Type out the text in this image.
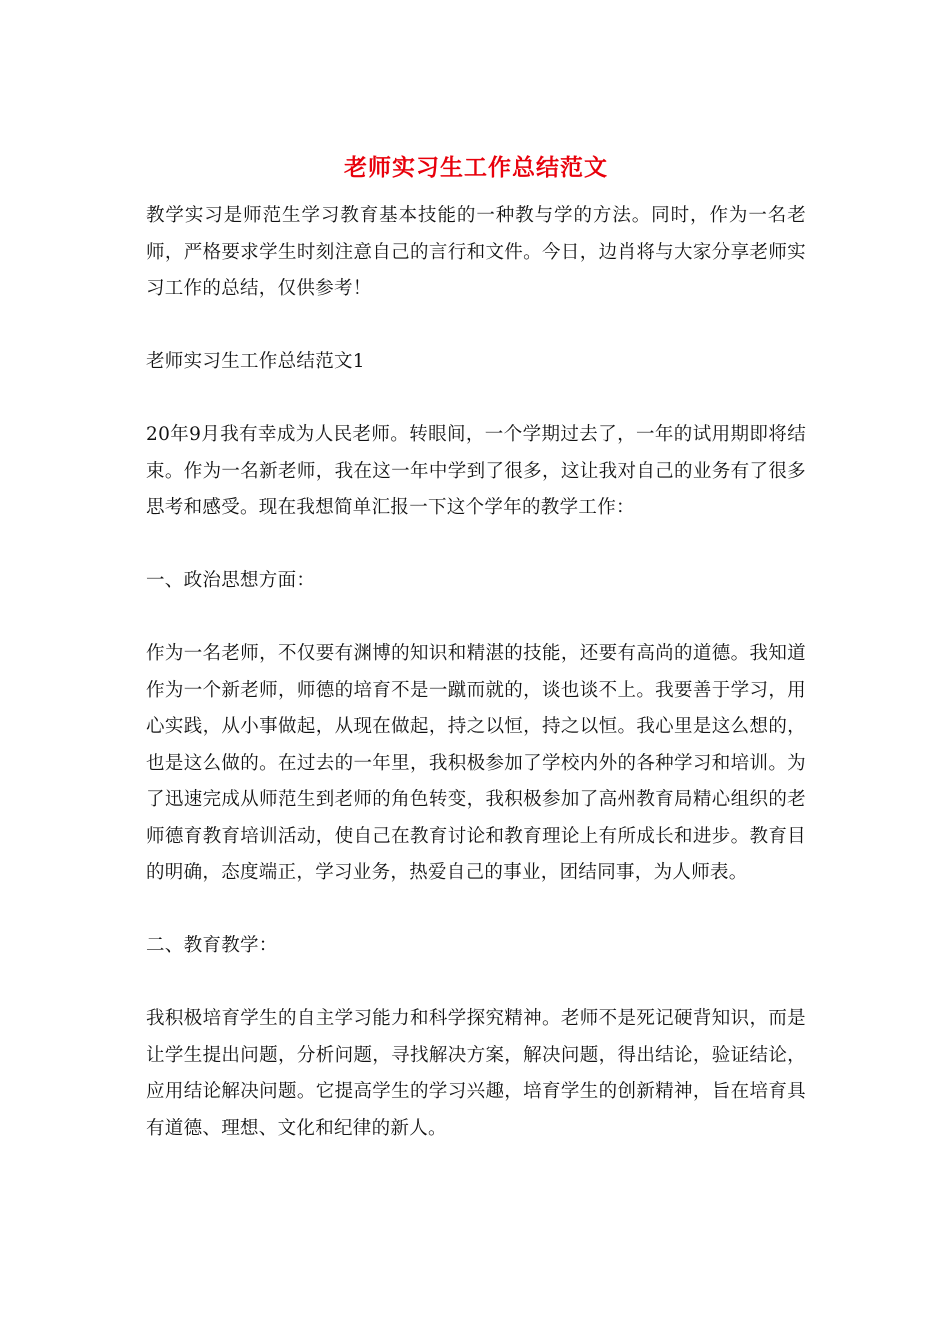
老师实习生工作总结范文

教学实习是师范生学习教育基本技能的一种教与学的方法。同时，作为一名老师，严格要求学生时刻注意自己的言行和文件。今日，边肖将与大家分享老师实习工作的总结，仅供参考！

老师实习生工作总结范文1

20年9月我有幸成为人民老师。转眼间，一个学期过去了，一年的试用期即将结束。作为一名新老师，我在这一年中学到了很多，这让我对自己的业务有了很多思考和感受。现在我想简单汇报一下这个学年的教学工作：

一、政治思想方面：

作为一名老师，不仅要有渊博的知识和精湛的技能，还要有高尚的道德。我知道作为一个新老师，师德的培育不是一蹴而就的，谈也谈不上。我要善于学习，用心实践，从小事做起，从现在做起，持之以恒，持之以恒。我心里是这么想的，也是这么做的。在过去的一年里，我积极参加了学校内外的各种学习和培训。为了迅速完成从师范生到老师的角色转变，我积极参加了高州教育局精心组织的老师德育教育培训活动，使自己在教育讨论和教育理论上有所成长和进步。教育目的明确，态度端正，学习业务，热爱自己的事业，团结同事，为人师表。

二、教育教学：

我积极培育学生的自主学习能力和科学探究精神。老师不是死记硬背知识，而是让学生提出问题，分析问题，寻找解决方案，解决问题，得出结论，验证结论，应用结论解决问题。它提高学生的学习兴趣，培育学生的创新精神，旨在培育具有道德、理想、文化和纪律的新人。
